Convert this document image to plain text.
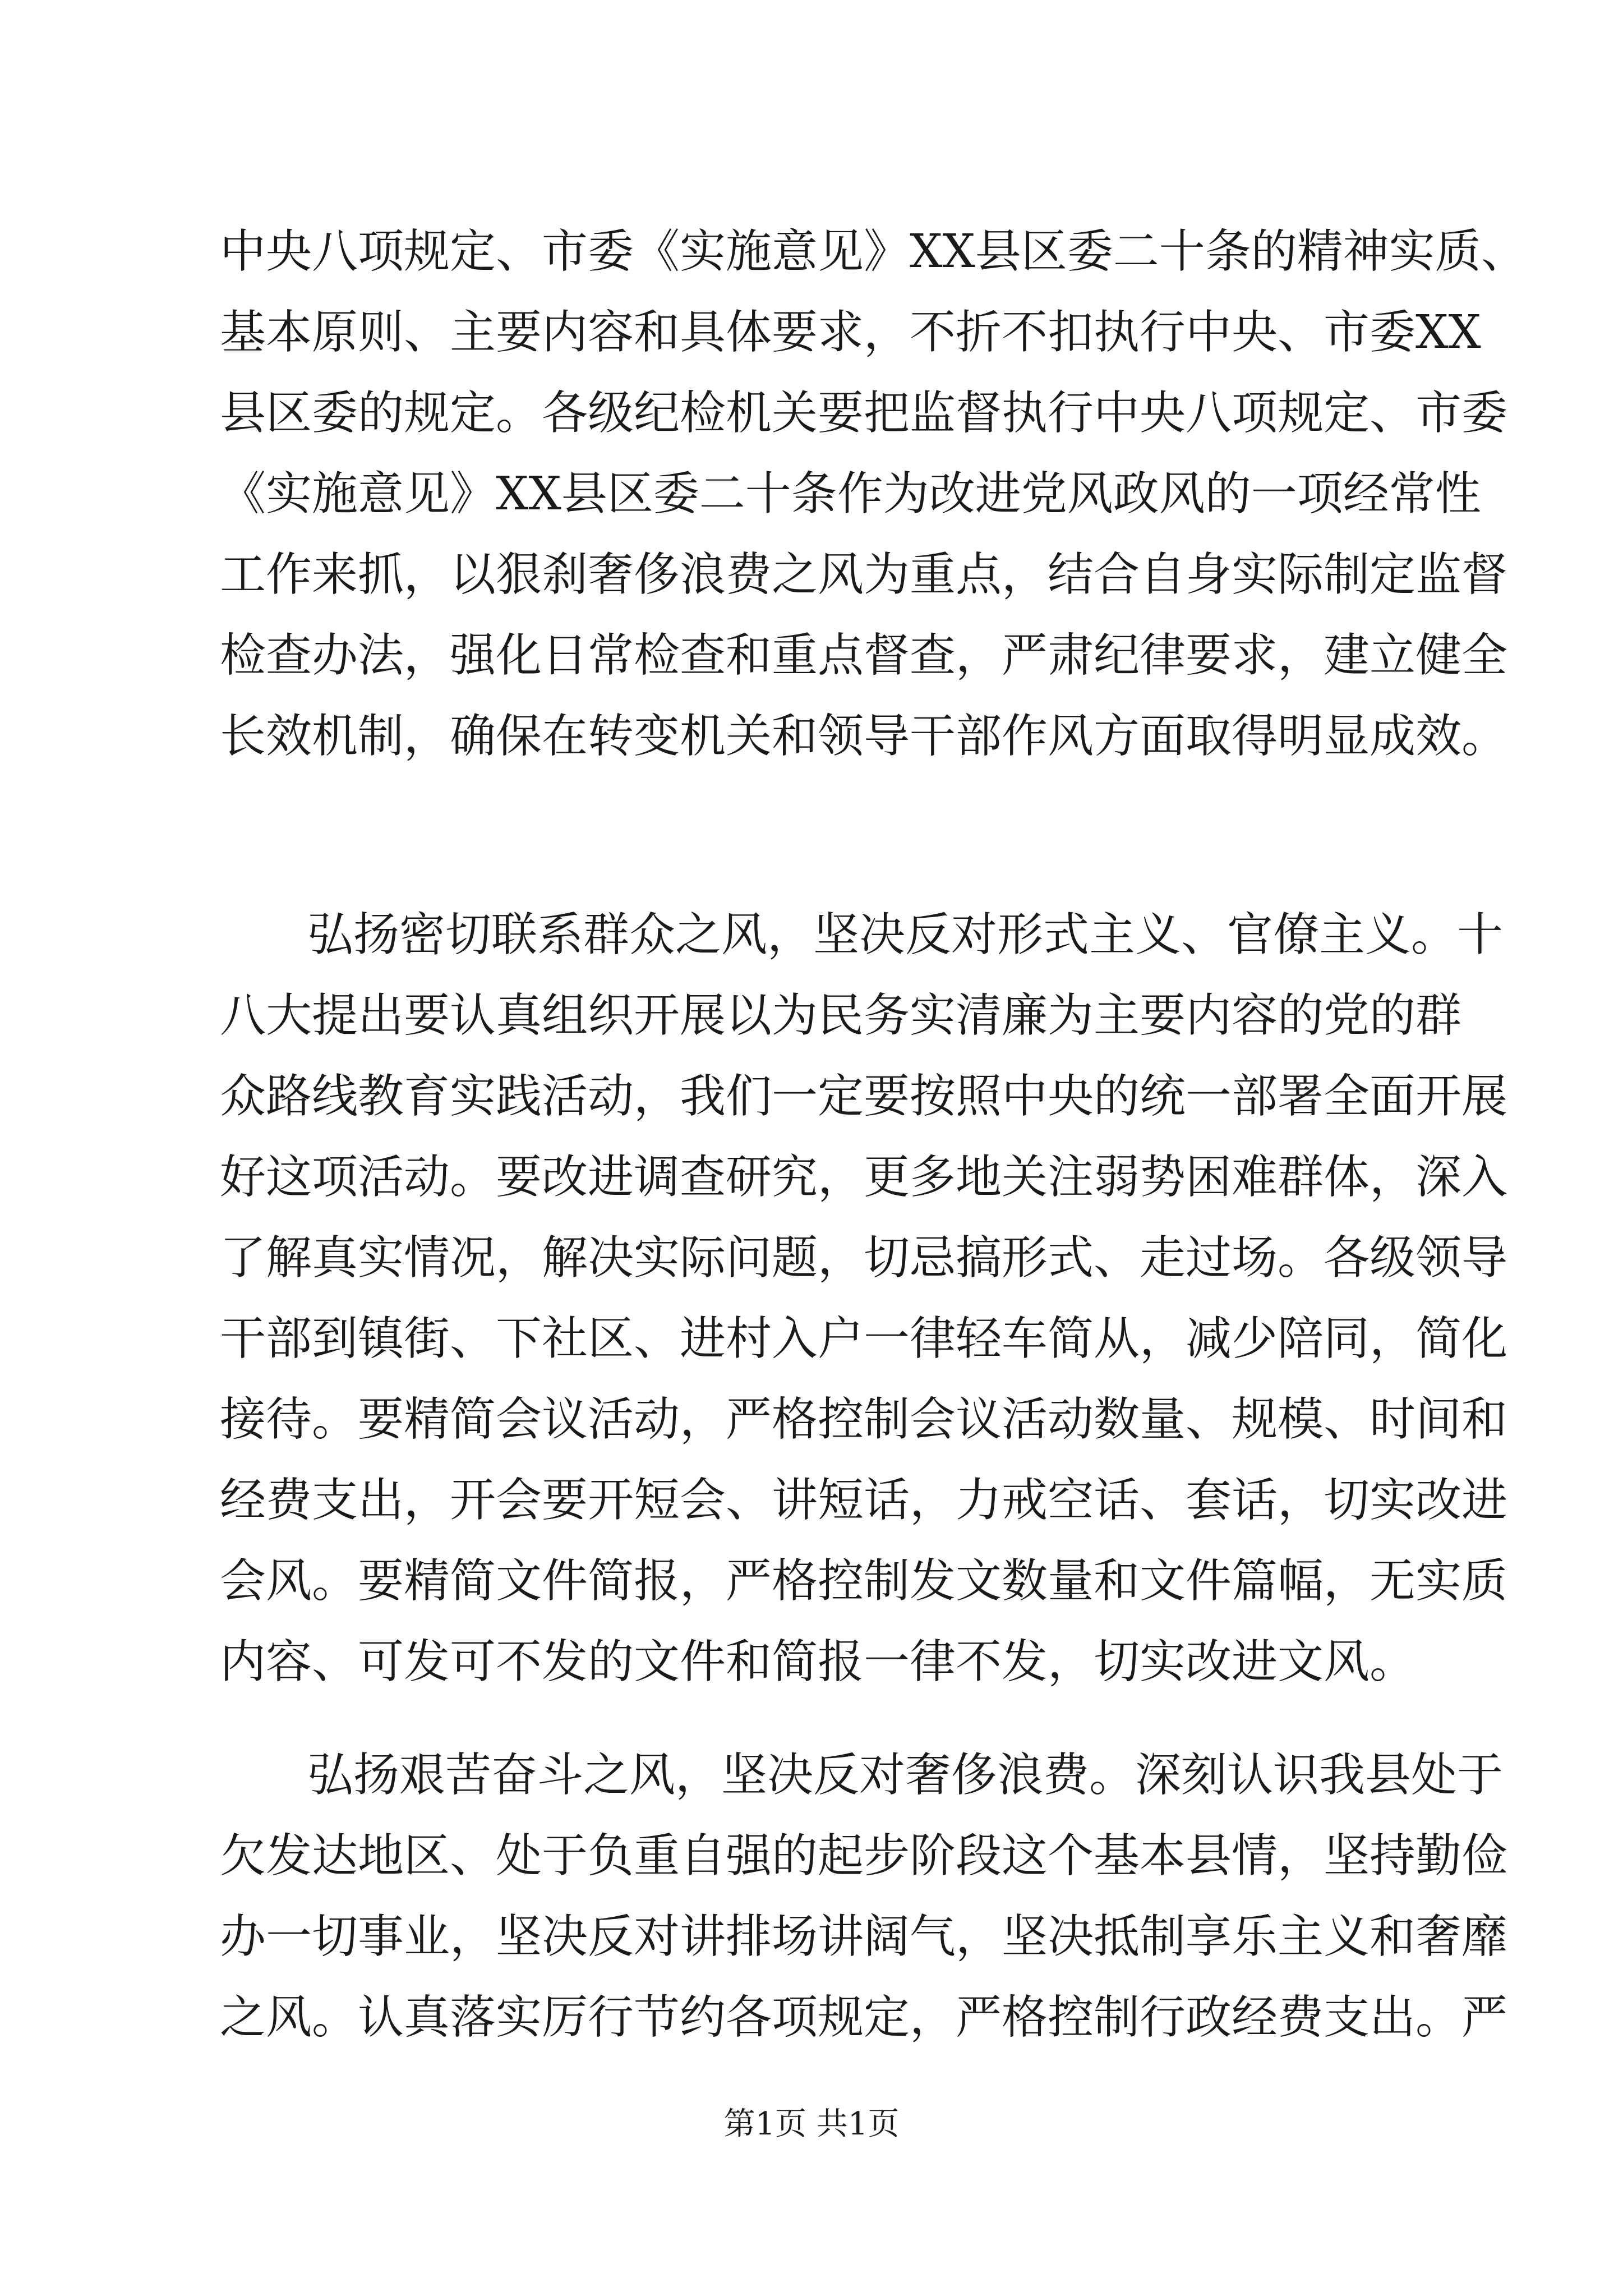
中央八项规定、市委《实施意见》XX县区委二十条的精神实质、
基本原则、主要内容和具体要求，不折不扣执行中央、市委XX
县区委的规定。各级纪检机关要把监督执行中央八项规定、市委
《实施意见》XX县区委二十条作为改进党风政风的一项经常性
工作来抓，以狠刹奢侈浪费之风为重点，结合自身实际制定监督
检查办法，强化日常检查和重点督查，严肃纪律要求，建立健全
长效机制，确保在转变机关和领导干部作风方面取得明显成效。
弘扬密切联系群众之风，坚决反对形式主义、官僚主义。十
八大提出要认真组织开展以为民务实清廉为主要内容的党的群
众路线教育实践活动，我们一定要按照中央的统一部署全面开展
好这项活动。要改进调查研究，更多地关注弱势困难群体，深入
了解真实情况，解决实际问题，切忌搞形式、走过场。各级领导
干部到镇街、下社区、进村入户一律轻车简从，减少陪同，简化
接待。要精简会议活动，严格控制会议活动数量、规模、时间和
经费支出，开会要开短会、讲短话，力戒空话、套话，切实改进
会风。要精简文件简报，严格控制发文数量和文件篇幅，无实质
内容、可发可不发的文件和简报一律不发，切实改进文风。
弘扬艰苦奋斗之风，坚决反对奢侈浪费。深刻认识我县处于
欠发达地区、处于负重自强的起步阶段这个基本县情，坚持勤俭
办一切事业，坚决反对讲排场讲阔气，坚决抵制享乐主义和奢靡
之风。认真落实厉行节约各项规定，严格控制行政经费支出。严
第1页 共1页
